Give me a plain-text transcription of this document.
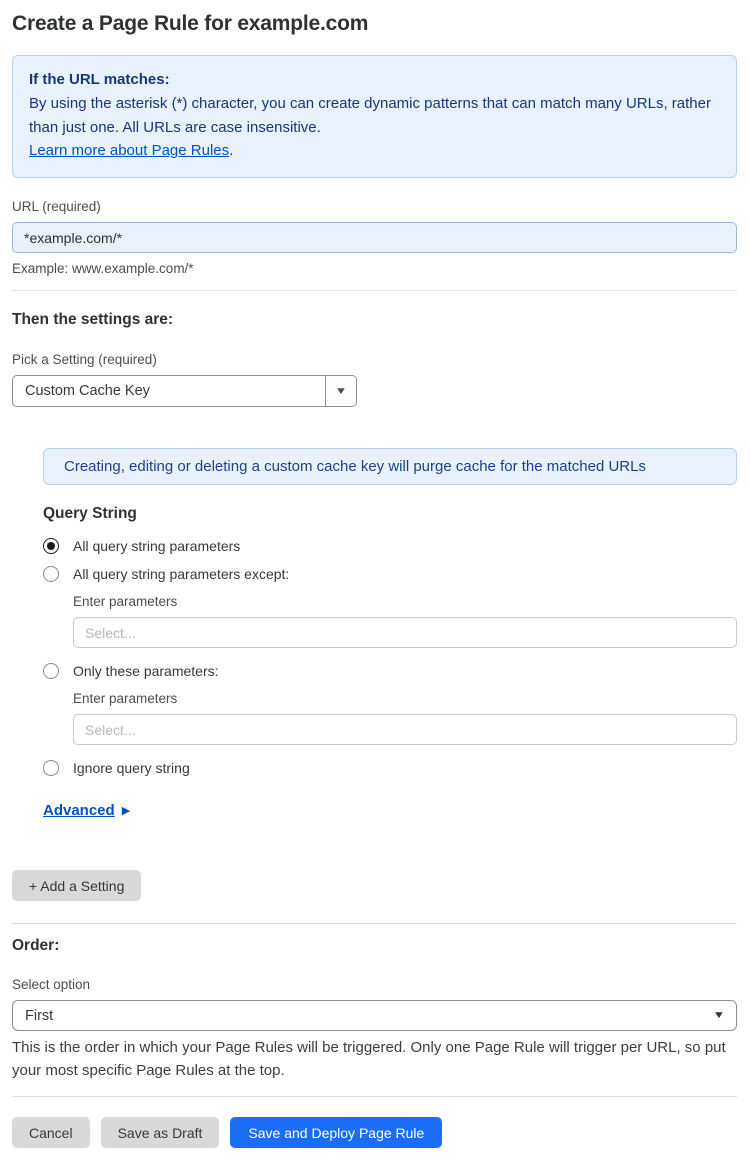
Create a Page Rule for example.com
If the URL matches:
By using the asterisk (*) character, you can create dynamic patterns that can match many URLs, rather than just one. All URLs are case insensitive.
Learn more about Page Rules.
URL (required)
*example.com/*
Example: www.example.com/*
Then the settings are:
Pick a Setting (required)
Custom Cache Key	▼
Creating, editing or deleting a custom cache key will purge cache for the matched URLs
Query String
All query string parameters
All query string parameters except:
Enter parameters
Select...
Only these parameters:
Enter parameters
Select...
Ignore query string
Advanced ▶
+ Add a Setting
Order:
Select option
First	▼

This is the order in which your Page Rules will be triggered. Only one Page Rule will trigger per URL, so put your most specific Page Rules at the top.

Cancel	Save as Draft	Save and Deploy Page Rule
